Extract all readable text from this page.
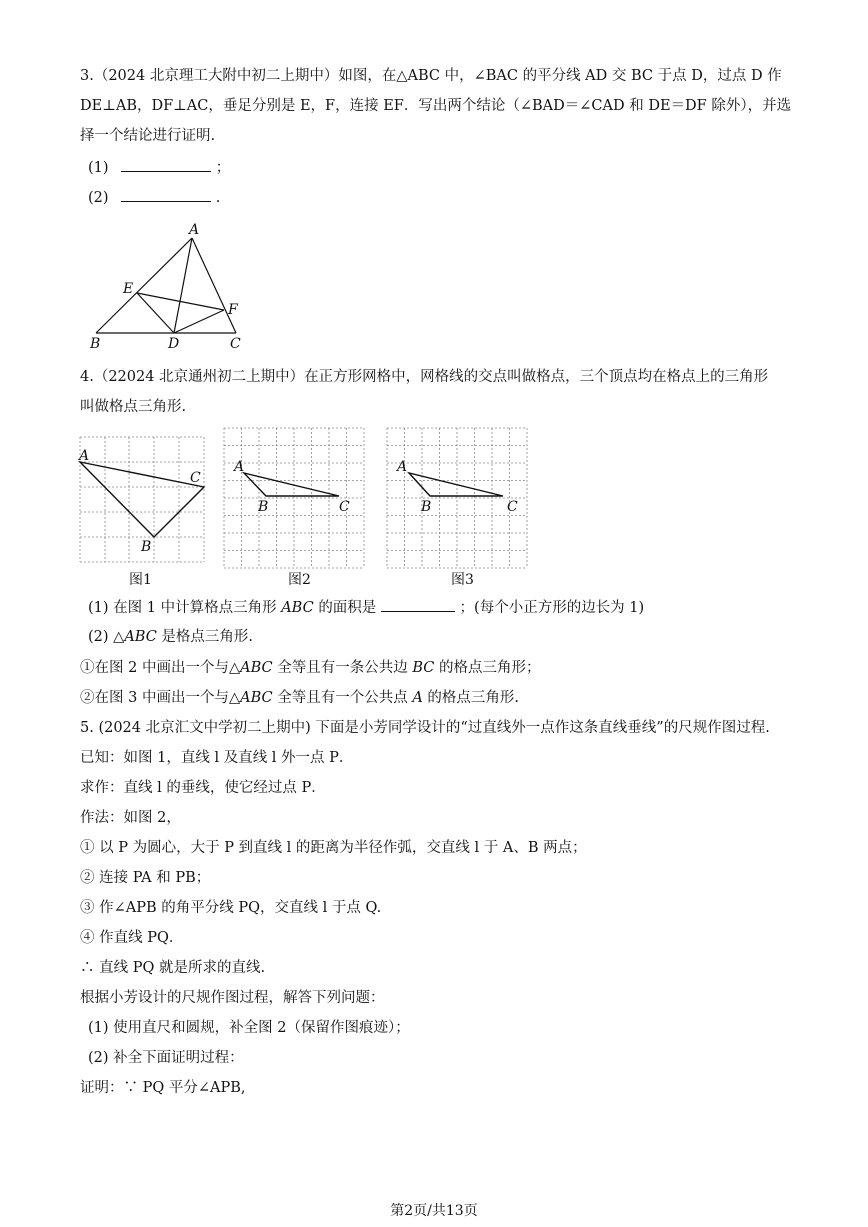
3.（2024 北京理工大附中初二上期中）如图，在△ABC 中，∠BAC 的平分线 AD 交 BC 于点 D，过点 D 作
DE⊥AB，DF⊥AC，垂足分别是 E，F，连接 EF．写出两个结论（∠BAD＝∠CAD 和 DE＝DF 除外），并选
择一个结论进行证明.
(1)	；
(2)	.
A
E
F
B	D	C
4.（22024 北京通州初二上期中）在正方形网格中，网格线的交点叫做格点，三个顶点均在格点上的三角形
叫做格点三角形.
A
C
B
图1
A
B	C
图2
A
B	C
图3
(1) 在图 1 中计算格点三角形 ABC 的面积是	；(每个小正方形的边长为 1)
(2) △ABC 是格点三角形.
①在图 2 中画出一个与△ABC 全等且有一条公共边 BC 的格点三角形；
②在图 3 中画出一个与△ABC 全等且有一个公共点 A 的格点三角形.
5. (2024 北京汇文中学初二上期中) 下面是小芳同学设计的“过直线外一点作这条直线垂线”的尺规作图过程.
已知：如图 1，直线 l 及直线 l 外一点 P．
求作：直线 l 的垂线，使它经过点 P．
作法：如图 2，
① 以 P 为圆心，大于 P 到直线 l 的距离为半径作弧，交直线 l 于 A、B 两点；
② 连接 PA 和 PB；
③ 作∠APB 的角平分线 PQ，交直线 l 于点 Q.
④ 作直线 PQ．
∴ 直线 PQ 就是所求的直线.
根据小芳设计的尺规作图过程，解答下列问题：
(1) 使用直尺和圆规，补全图 2（保留作图痕迹）；
(2) 补全下面证明过程：
证明：∵ PQ 平分∠APB,
第2页/共13页
